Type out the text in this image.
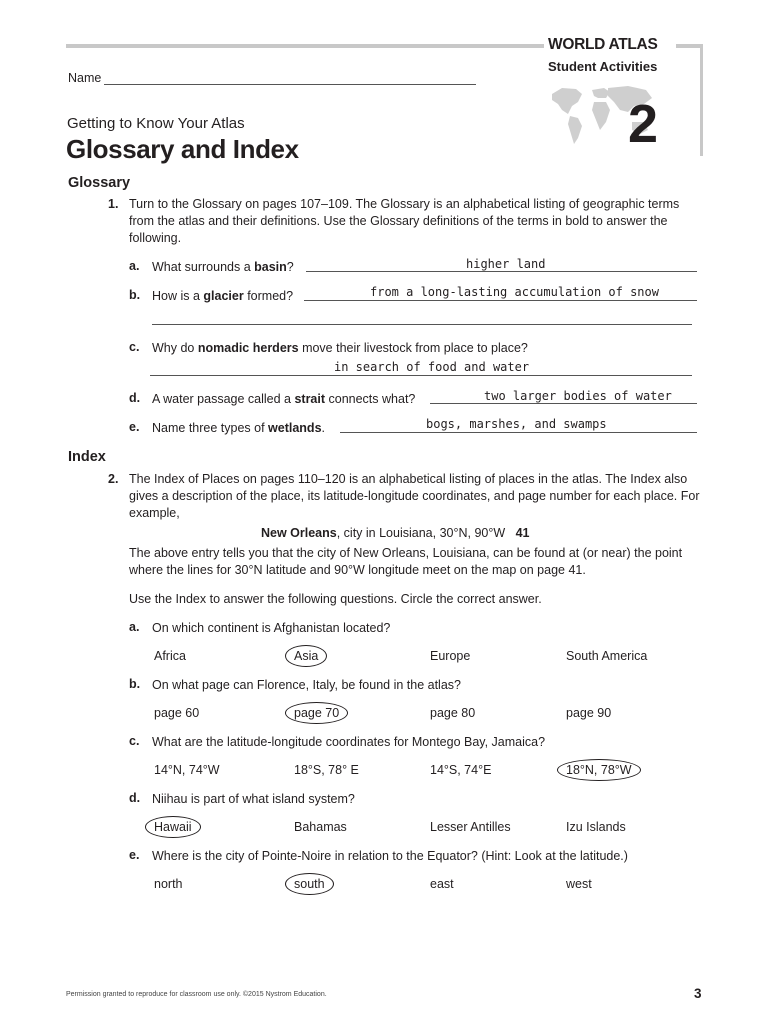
WORLD ATLAS
Student Activities
2
Name
Getting to Know Your Atlas
Glossary and Index
Glossary
1. Turn to the Glossary on pages 107–109. The Glossary is an alphabetical listing of geographic terms from the atlas and their definitions. Use the Glossary definitions of the terms in bold to answer the following.
a. What surrounds a basin?	higher land
b. How is a glacier formed?	from a long-lasting accumulation of snow
c. Why do nomadic herders move their livestock from place to place?
in search of food and water
d. A water passage called a strait connects what?	two larger bodies of water
e. Name three types of wetlands.	bogs, marshes, and swamps
Index
2. The Index of Places on pages 110–120 is an alphabetical listing of places in the atlas. The Index also gives a description of the place, its latitude-longitude coordinates, and page number for each place. For example,
New Orleans, city in Louisiana, 30°N, 90°W 41
The above entry tells you that the city of New Orleans, Louisiana, can be found at (or near) the point where the lines for 30°N latitude and 90°W longitude meet on the map on page 41.
Use the Index to answer the following questions. Circle the correct answer.
a. On which continent is Afghanistan located?
Africa	Asia	Europe	South America
b. On what page can Florence, Italy, be found in the atlas?
page 60	page 70	page 80	page 90
c. What are the latitude-longitude coordinates for Montego Bay, Jamaica?
14°N, 74°W	18°S, 78° E	14°S, 74°E	18°N, 78°W
d. Niihau is part of what island system?
Hawaii	Bahamas	Lesser Antilles	Izu Islands
e. Where is the city of Pointe-Noire in relation to the Equator? (Hint: Look at the latitude.)
north	south	east	west
Permission granted to reproduce for classroom use only. ©2015 Nystrom Education.	3
